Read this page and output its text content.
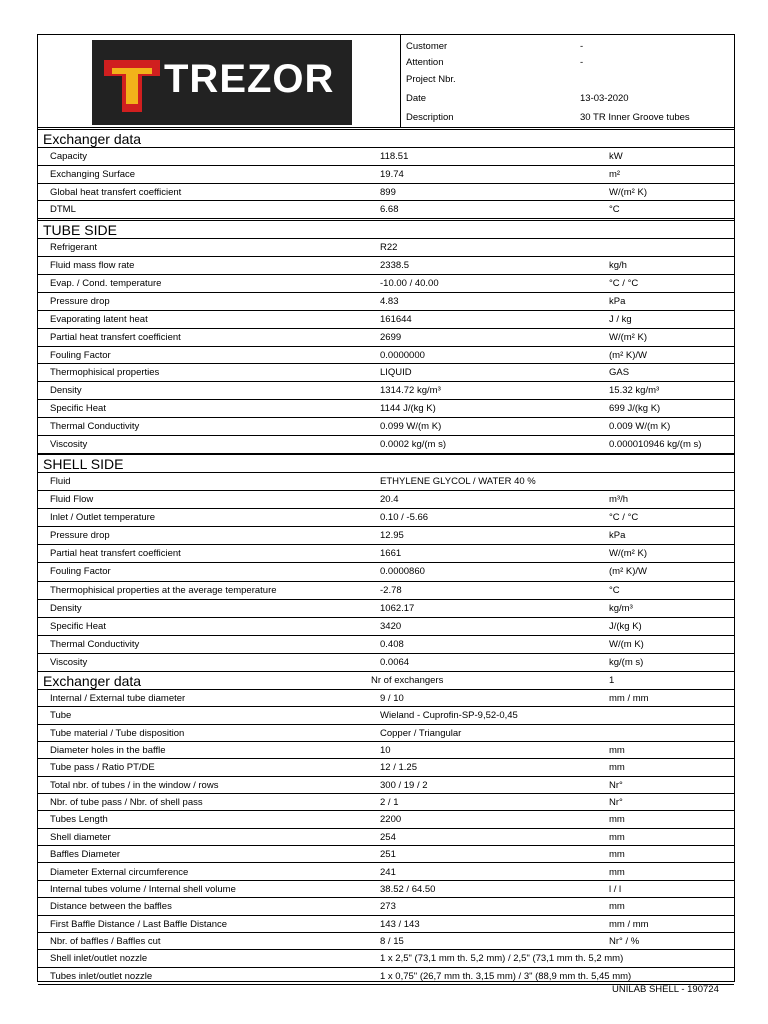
TREZOR
Customer	-
Attention	-
Project Nbr.
Date	13-03-2020
Description	30 TR Inner Groove tubes
Exchanger data
Capacity	118.51	kW
Exchanging Surface	19.74	m²
Global heat transfert coefficient	899	W/(m² K)
DTML	6.68	°C
TUBE SIDE
Refrigerant	R22
Fluid mass flow rate	2338.5	kg/h
Evap. / Cond. temperature	-10.00 / 40.00	°C / °C
Pressure drop	4.83	kPa
Evaporating latent heat	161644	J / kg
Partial heat transfert coefficient	2699	W/(m² K)
Fouling Factor	0.0000000	(m² K)/W
Thermophisical properties	LIQUID	GAS
Density	1314.72 kg/m³	15.32 kg/m³
Specific Heat	1144 J/(kg K)	699 J/(kg K)
Thermal Conductivity	0.099 W/(m K)	0.009 W/(m K)
Viscosity	0.0002 kg/(m s)	0.000010946 kg/(m s)
SHELL SIDE
Fluid	ETHYLENE GLYCOL / WATER 40 %
Fluid Flow	20.4	m³/h
Inlet / Outlet temperature	0.10 / -5.66	°C / °C
Pressure drop	12.95	kPa
Partial heat transfert coefficient	1661	W/(m² K)
Fouling Factor	0.0000860	(m² K)/W
Thermophisical properties at the average temperature	-2.78	°C
Density	1062.17	kg/m³
Specific Heat	3420	J/(kg K)
Thermal Conductivity	0.408	W/(m K)
Viscosity	0.0064	kg/(m s)
Exchanger data	Nr of exchangers	1
Internal / External tube diameter	9 / 10	mm / mm
Tube	Wieland - Cuprofin-SP-9,52-0,45
Tube material / Tube disposition	Copper / Triangular
Diameter holes in the baffle	10	mm
Tube pass / Ratio PT/DE	12 / 1.25	mm
Total nbr. of tubes / in the window / rows	300 / 19 / 2	Nr°
Nbr. of tube pass / Nbr. of shell pass	2 / 1	Nr°
Tubes Length	2200	mm
Shell diameter	254	mm
Baffles Diameter	251	mm
Diameter External circumference	241	mm
Internal tubes volume / Internal shell volume	38.52 / 64.50	l / l
Distance between the baffles	273	mm
First Baffle Distance / Last Baffle Distance	143 / 143	mm / mm
Nbr. of baffles / Baffles cut	8 / 15	Nr° / %
Shell inlet/outlet nozzle	1 x 2,5" (73,1 mm th. 5,2 mm) / 2,5" (73,1 mm th. 5,2 mm)
Tubes inlet/outlet nozzle	1 x 0,75" (26,7 mm th. 3,15 mm) / 3" (88,9 mm th. 5,45 mm)
UNILAB SHELL - 190724
